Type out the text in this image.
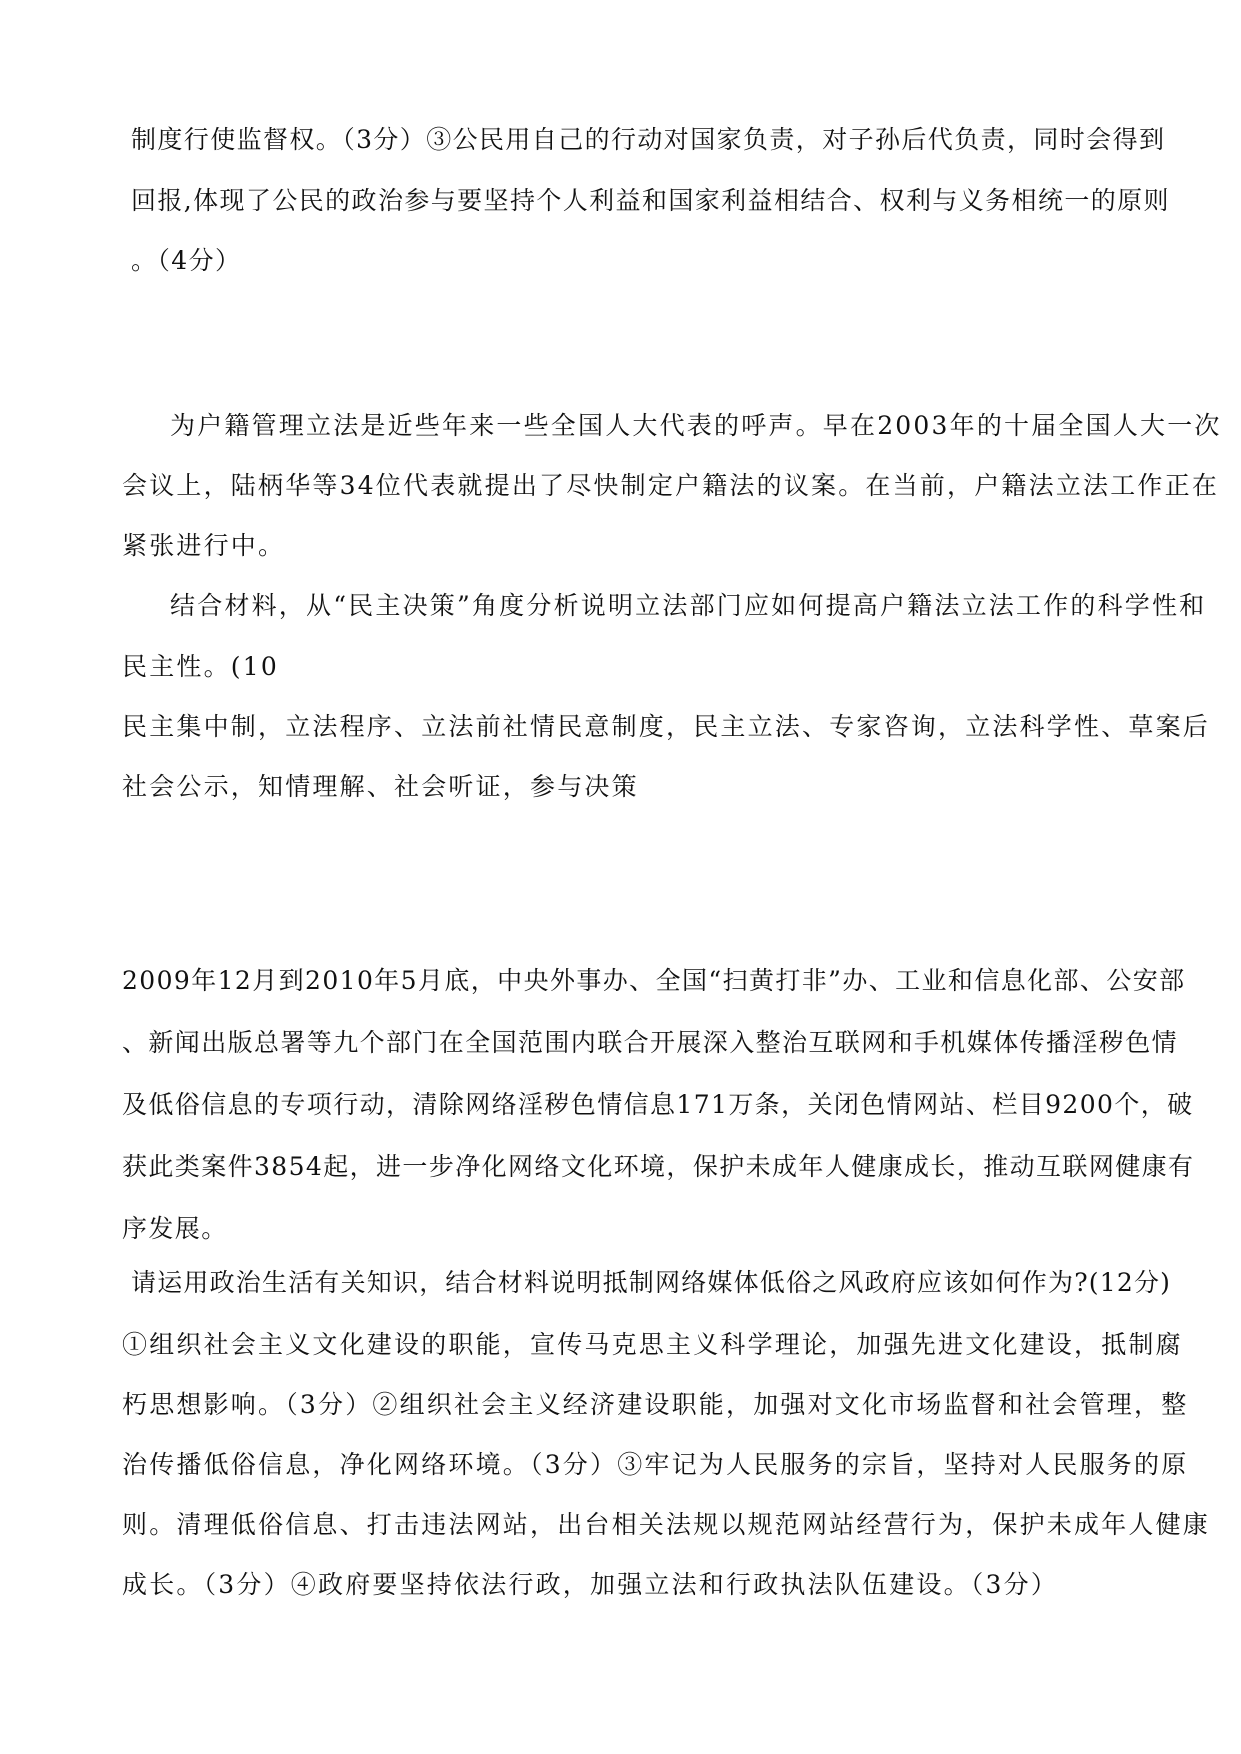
制度行使监督权。（3分）③公民用自己的行动对国家负责，对子孙后代负责，同时会得到
回报,体现了公民的政治参与要坚持个人利益和国家利益相结合、权利与义务相统一的原则
。（4分）
为户籍管理立法是近些年来一些全国人大代表的呼声。早在2003年的十届全国人大一次
会议上，陆柄华等34位代表就提出了尽快制定户籍法的议案。在当前，户籍法立法工作正在
紧张进行中。
结合材料，从“民主决策”角度分析说明立法部门应如何提高户籍法立法工作的科学性和
民主性。(10
民主集中制，立法程序、立法前社情民意制度，民主立法、专家咨询，立法科学性、草案后
社会公示，知情理解、社会听证，参与决策
2009年12月到2010年5月底，中央外事办、全国“扫黄打非”办、工业和信息化部、公安部
、新闻出版总署等九个部门在全国范围内联合开展深入整治互联网和手机媒体传播淫秽色情
及低俗信息的专项行动，清除网络淫秽色情信息171万条，关闭色情网站、栏目9200个，破
获此类案件3854起，进一步净化网络文化环境，保护未成年人健康成长，推动互联网健康有
序发展。
请运用政治生活有关知识，结合材料说明抵制网络媒体低俗之风政府应该如何作为?(12分)
①组织社会主义文化建设的职能，宣传马克思主义科学理论，加强先进文化建设，抵制腐
朽思想影响。（3分）②组织社会主义经济建设职能，加强对文化市场监督和社会管理，整
治传播低俗信息，净化网络环境。（3分）③牢记为人民服务的宗旨，坚持对人民服务的原
则。清理低俗信息、打击违法网站，出台相关法规以规范网站经营行为，保护未成年人健康
成长。（3分）④政府要坚持依法行政，加强立法和行政执法队伍建设。（3分）
